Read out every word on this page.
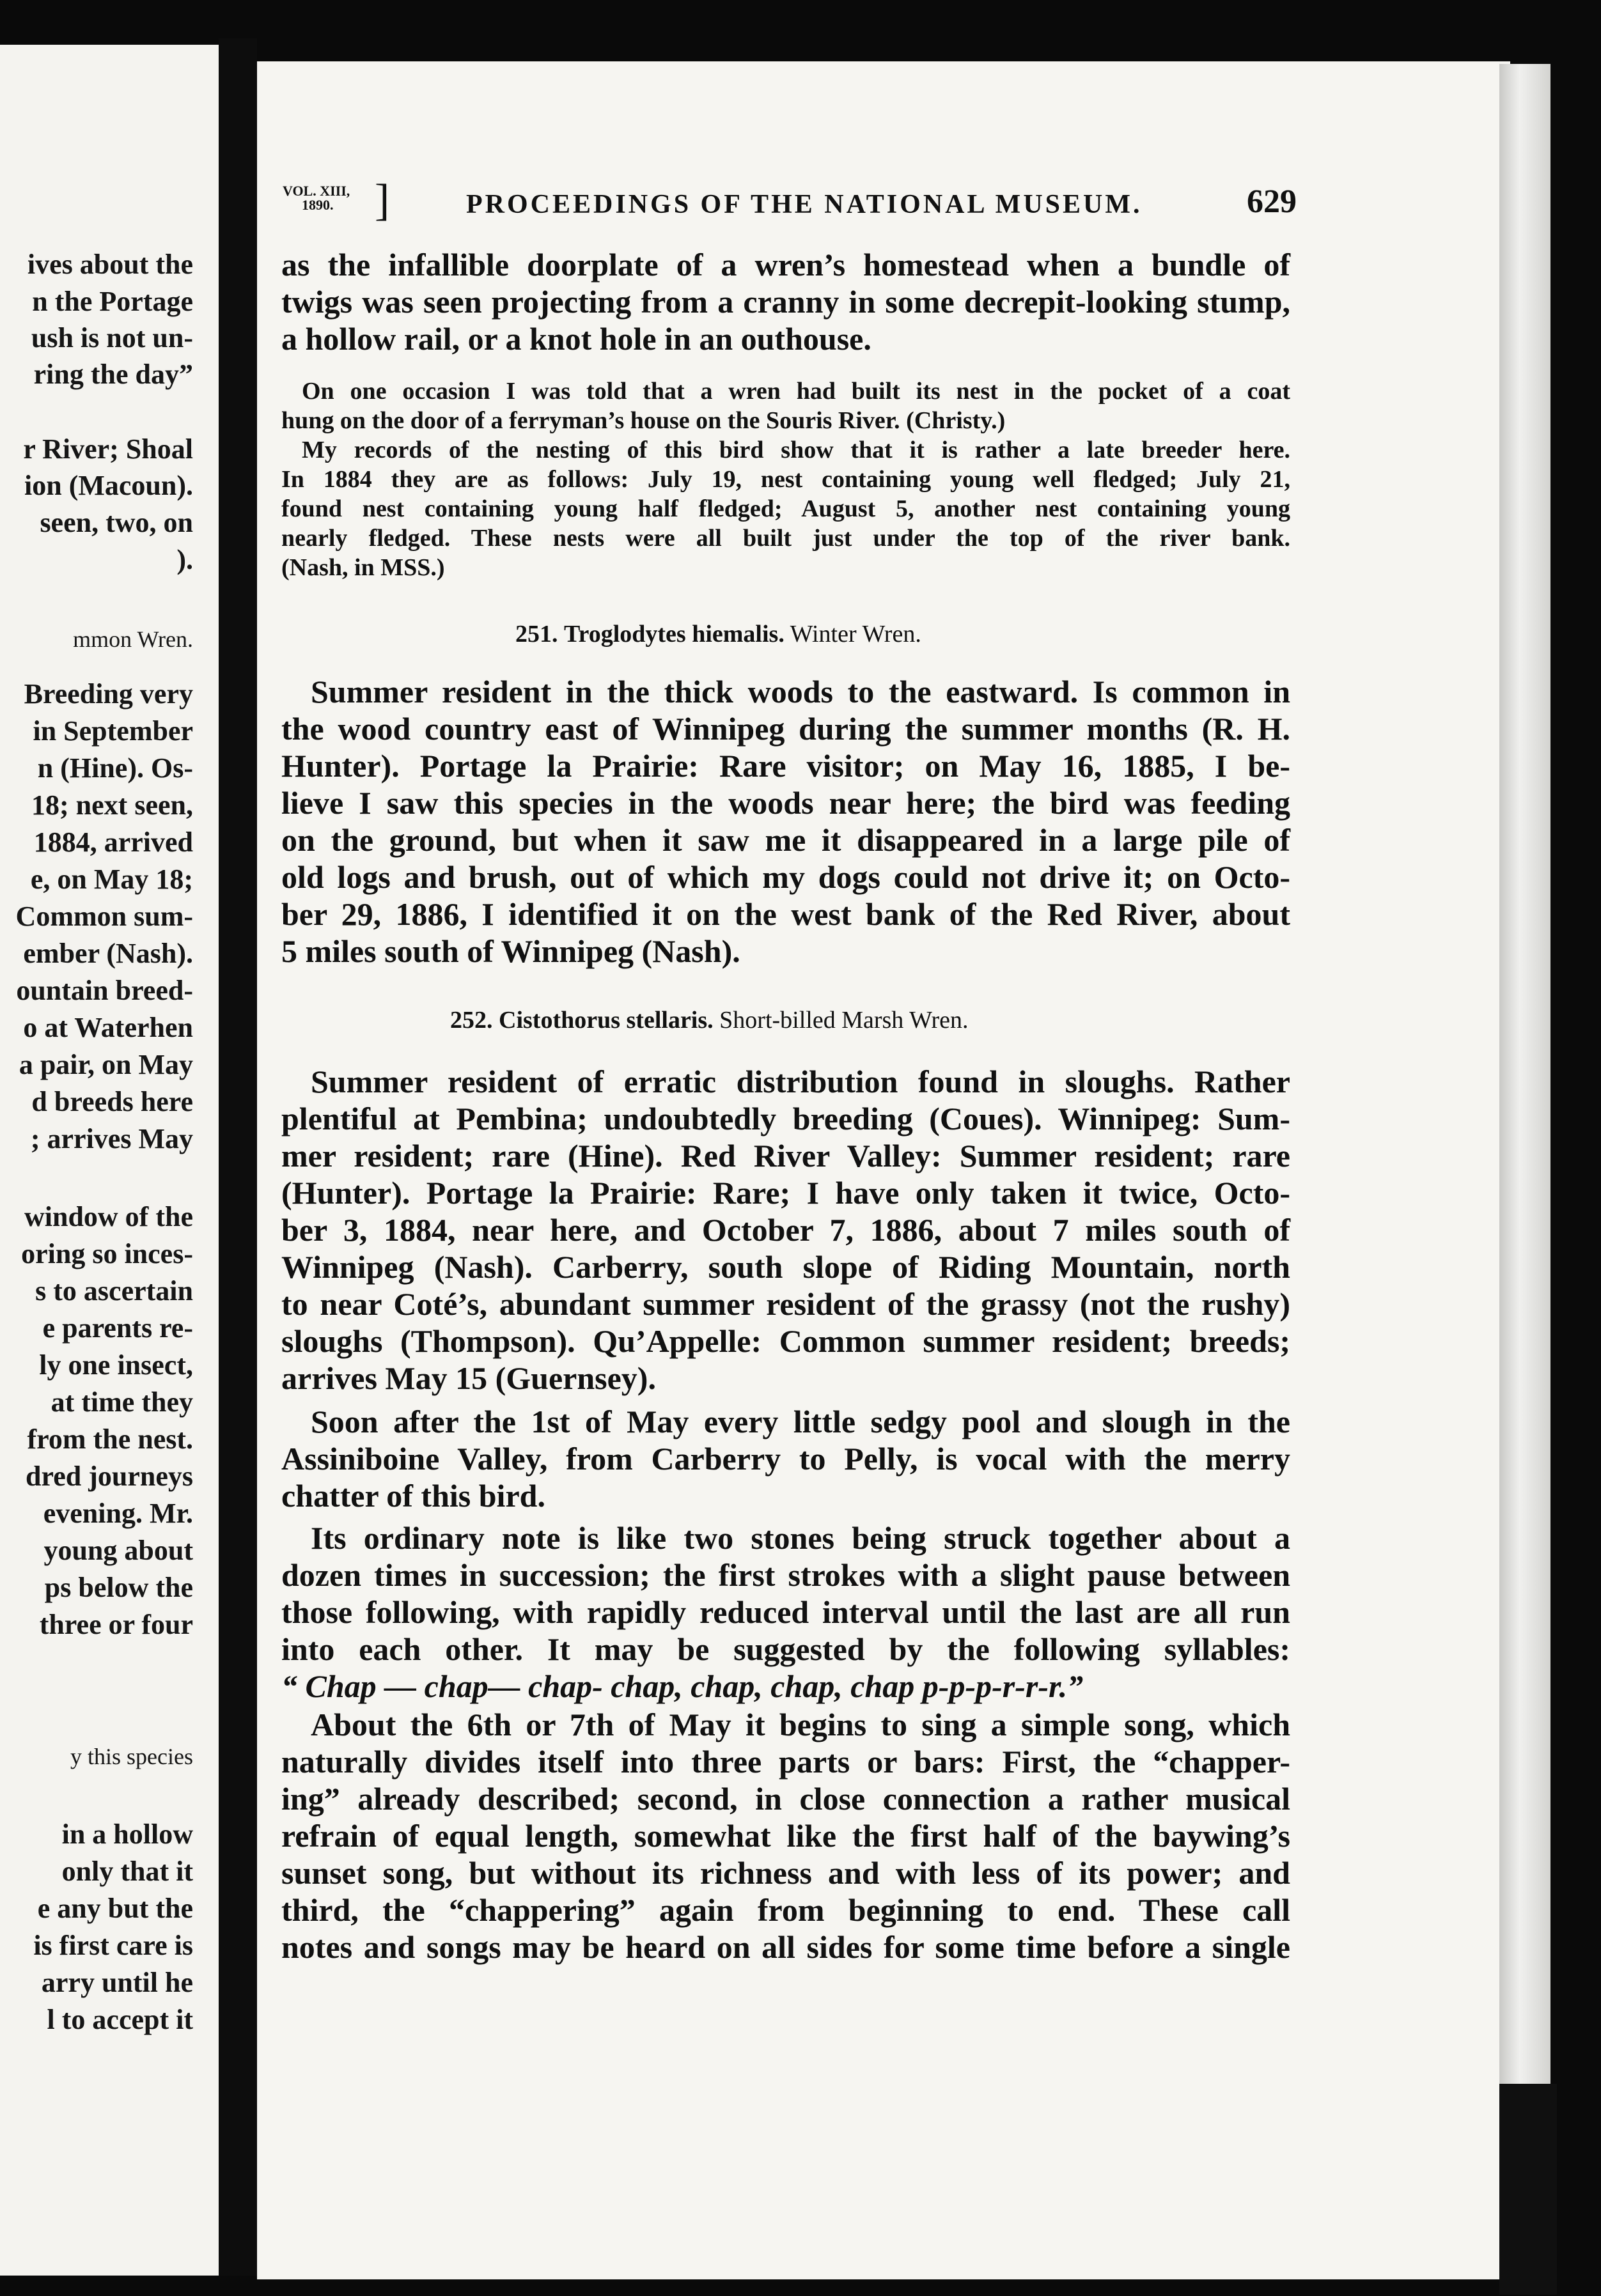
ives about the
n the Portage
ush is not un-
ring the day”
r River; Shoal
ion (Macoun).
seen, two, on
).
mmon Wren.
Breeding very
in September
n (Hine). Os-
18; next seen,
1884, arrived
e, on May 18;
Common sum-
ember (Nash).
ountain breed-
o at Waterhen
a pair, on May
d breeds here
; arrives May
window of the
oring so inces-
s to ascertain
e parents re-
ly one insect,
at time they
from the nest.
dred journeys
evening. Mr.
young about
ps below the
three or four
y this species
in a hollow
only that it
e any but the
is first care is
arry until he
l to accept it
VOL. XIII,
1890. ]	PROCEEDINGS OF THE NATIONAL MUSEUM.	629
as the infallible doorplate of a wren’s homestead when a bundle of
twigs was seen projecting from a cranny in some decrepit-looking stump,
a hollow rail, or a knot hole in an outhouse.
On one occasion I was told that a wren had built its nest in the pocket of a coat
hung on the door of a ferryman’s house on the Souris River. (Christy.)
My records of the nesting of this bird show that it is rather a late breeder here.
In 1884 they are as follows: July 19, nest containing young well fledged; July 21,
found nest containing young half fledged; August 5, another nest containing young
nearly fledged. These nests were all built just under the top of the river bank.
(Nash, in MSS.)
251. Troglodytes hiemalis. Winter Wren.
Summer resident in the thick woods to the eastward. Is common in
the wood country east of Winnipeg during the summer months (R. H.
Hunter). Portage la Prairie: Rare visitor; on May 16, 1885, I be-
lieve I saw this species in the woods near here; the bird was feeding
on the ground, but when it saw me it disappeared in a large pile of
old logs and brush, out of which my dogs could not drive it; on Octo-
ber 29, 1886, I identified it on the west bank of the Red River, about
5 miles south of Winnipeg (Nash).
252. Cistothorus stellaris. Short-billed Marsh Wren.
Summer resident of erratic distribution found in sloughs. Rather
plentiful at Pembina; undoubtedly breeding (Coues). Winnipeg: Sum-
mer resident; rare (Hine). Red River Valley: Summer resident; rare
(Hunter). Portage la Prairie: Rare; I have only taken it twice, Octo-
ber 3, 1884, near here, and October 7, 1886, about 7 miles south of
Winnipeg (Nash). Carberry, south slope of Riding Mountain, north
to near Coté’s, abundant summer resident of the grassy (not the rushy)
sloughs (Thompson). Qu’Appelle: Common summer resident; breeds;
arrives May 15 (Guernsey).
Soon after the 1st of May every little sedgy pool and slough in the
Assiniboine Valley, from Carberry to Pelly, is vocal with the merry
chatter of this bird.
Its ordinary note is like two stones being struck together about a
dozen times in succession; the first strokes with a slight pause between
those following, with rapidly reduced interval until the last are all run
into each other. It may be suggested by the following syllables:
“ Chap — chap— chap- chap, chap, chap, chap p-p-p-r-r-r.”
About the 6th or 7th of May it begins to sing a simple song, which
naturally divides itself into three parts or bars: First, the “chapper-
ing” already described; second, in close connection a rather musical
refrain of equal length, somewhat like the first half of the baywing’s
sunset song, but without its richness and with less of its power; and
third, the “chappering” again from beginning to end. These call
notes and songs may be heard on all sides for some time before a single
